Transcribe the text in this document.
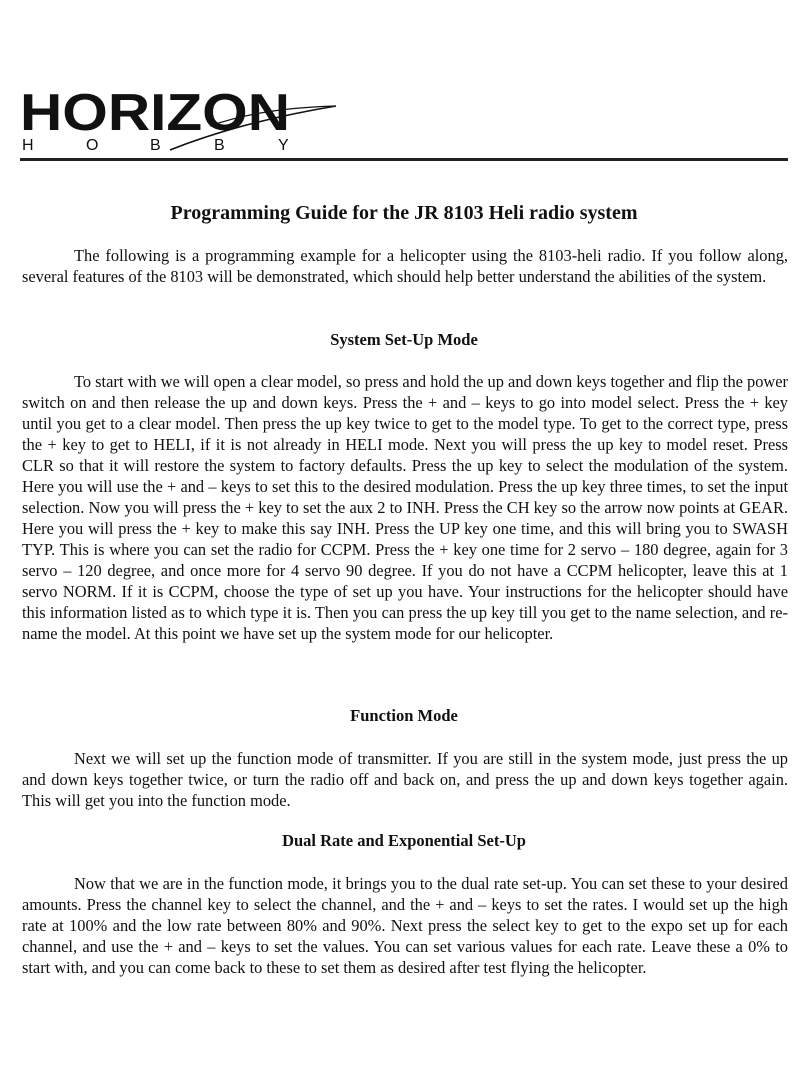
HORIZON
H	O	B	B	Y
Programming Guide for the JR 8103 Heli radio system

The following is a programming example for a helicopter using the 8103-heli radio. If you follow along, several features of the 8103 will be demonstrated, which should help better understand the abilities of the system.

System Set-Up Mode

To start with we will open a clear model, so press and hold the up and down keys together and flip the power switch on and then release the up and down keys. Press the + and – keys to go into model select. Press the + key until you get to a clear model. Then press the up key twice to get to the model type. To get to the correct type, press the + key to get to HELI, if it is not already in HELI mode. Next you will press the up key to model reset. Press CLR so that it will restore the system to factory defaults. Press the up key to select the modulation of the system. Here you will use the + and – keys to set this to the desired modulation. Press the up key three times, to set the input selection. Now you will press the + key to set the aux 2 to INH. Press the CH key so the arrow now points at GEAR. Here you will press the + key to make this say INH. Press the UP key one time, and this will bring you to SWASH TYP. This is where you can set the radio for CCPM. Press the + key one time for 2 servo – 180 degree, again for 3 servo – 120 degree, and once more for 4 servo 90 degree. If you do not have a CCPM helicopter, leave this at 1 servo NORM. If it is CCPM, choose the type of set up you have. Your instructions for the helicopter should have this information listed as to which type it is. Then you can press the up key till you get to the name selection, and re-name the model. At this point we have set up the system mode for our helicopter.

Function Mode

Next we will set up the function mode of transmitter. If you are still in the system mode, just press the up and down keys together twice, or turn the radio off and back on, and press the up and down keys together again. This will get you into the function mode.

Dual Rate and Exponential Set-Up

Now that we are in the function mode, it brings you to the dual rate set-up. You can set these to your desired amounts. Press the channel key to select the channel, and the + and – keys to set the rates. I would set up the high rate at 100% and the low rate between 80% and 90%. Next press the select key to get to the expo set up for each channel, and use the + and – keys to set the values. You can set various values for each rate. Leave these a 0% to start with, and you can come back to these to set them as desired after test flying the helicopter.
